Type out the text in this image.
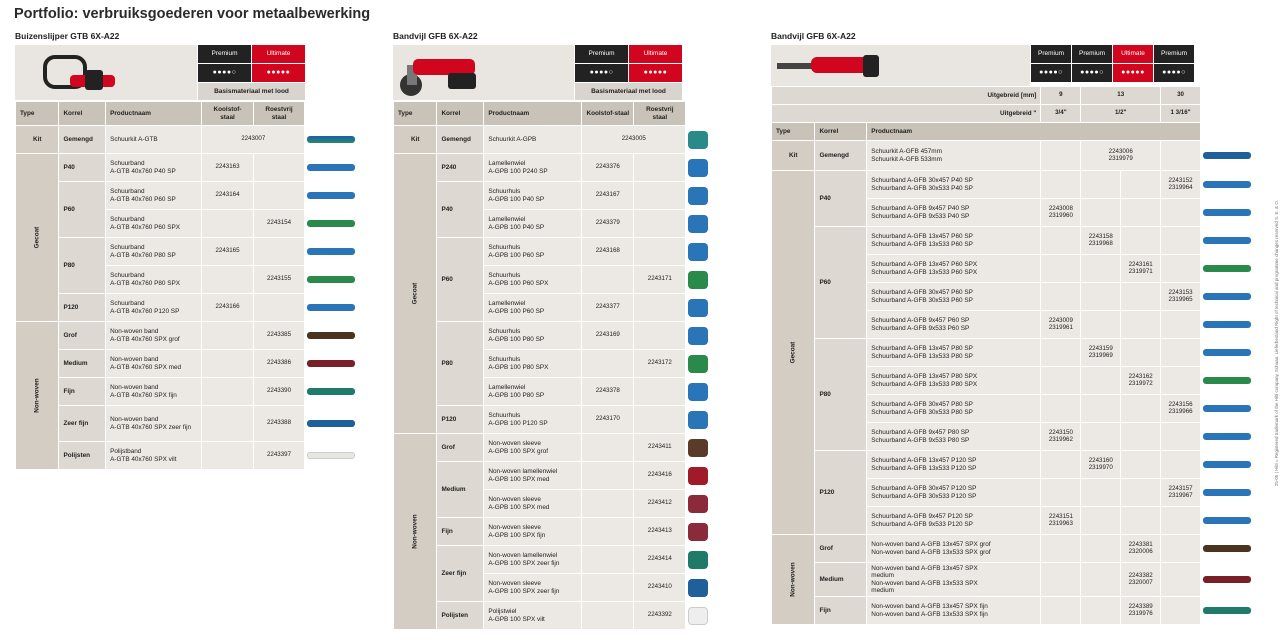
Portfolio: verbruiksgoederen voor metaalbewerking
Buizenslijper GTB 6X-A22
Premium	Ultimate
●●●●○	●●●●●
Basismateriaal met lood
Type	Korrel	Productnaam	Koolstof-staal	Roestvrij staal	
Kit	Gemengd	Schuurkit A-GTB	2243007		

Gecoat	P40	Schuurband
A-GTB 40x760 P40 SP	2243163		

	P60	Schuurband
A-GTB 40x760 P60 SP	2243164		

		Schuurband
A-GTB 40x760 P60 SPX		2243154	

	P80	Schuurband
A-GTB 40x760 P80 SP	2243165		

		Schuurband
A-GTB 40x760 P80 SPX		2243155	

	P120	Schuurband
A-GTB 40x760 P120 SP	2243166		

Non-woven	Grof	Non-woven band
A-GTB 40x760 SPX grof		2243385	

	Medium	Non-woven band
A-GTB 40x760 SPX med		2243386	

	Fijn	Non-woven band
A-GTB 40x760 SPX fijn		2243390	

	Zeer fijn	Non-woven band
A-GTB 40x760 SPX zeer fijn		2243388	

	Polijsten	Polijstband
A-GTB 40x760 SPX vilt		2243397	
Bandvijl GFB 6X-A22
Premium	Ultimate
●●●●○	●●●●●
Basismateriaal met lood
Type	Korrel	Productnaam	Koolstof-staal	Roestvrij staal	
Kit	Gemengd	Schuurkit A-GPB	2243005		

Gecoat	P240	Lamellenwiel
A-GPB 100 P240 SP	2243376		

	P40	Schuurhuls
A-GPB 100 P40 SP	2243167		

		Lamellenwiel
A-GPB 100 P40 SP	2243379		

	P60	Schuurhuls
A-GPB 100 P60 SP	2243168		

		Schuurhuls
A-GPB 100 P60 SPX		2243171	

		Lamellenwiel
A-GPB 100 P60 SP	2243377		

	P80	Schuurhuls
A-GPB 100 P80 SP	2243169		

		Schuurhuls
A-GPB 100 P80 SPX		2243172	

		Lamellenwiel
A-GPB 100 P80 SP	2243378		

	P120	Schuurhuls
A-GPB 100 P120 SP	2243170		

Non-woven	Grof	Non-woven sleeve
A-GPB 100 SPX grof		2243411	

	Medium	Non-woven lamellenwiel
A-GPB 100 SPX med		2243416	

		Non-woven sleeve
A-GPB 100 SPX med		2243412	

	Fijn	Non-woven sleeve
A-GPB 100 SPX fijn		2243413	

	Zeer fijn	Non-woven lamellenwiel
A-GPB 100 SPX zeer fijn		2243414	

		Non-woven sleeve
A-GPB 100 SPX zeer fijn		2243410	

	Polijsten	Polijstwiel
A-GPB 100 SPX vilt		2243392	
Bandvijl GFB 6X-A22
Premium	Premium	Ultimate	Premium
●●●●○	●●●●○	●●●●●	●●●●○
Uitgebreid [mm]			9	13		30	
Uitgebreid "			3/4"	1/2"		1 3/16"	
Type	Korrel	Productnaam					
Kit	Gemengd	Schuurkit A-GFB 457mm
Schuurkit A-GFB 533mm		2243006
2319979			

Gecoat	P40	Schuurband A-GFB 30x457 P40 SP
Schuurband A-GFB 30x533 P40 SP				2243152
2319964	

		Schuurband A-GFB 9x457 P40 SP
Schuurband A-GFB 9x533 P40 SP	2243008
2319960				

	P60	Schuurband A-GFB 13x457 P60 SP
Schuurband A-GFB 13x533 P60 SP		2243158
2319968			

		Schuurband A-GFB 13x457 P60 SPX
Schuurband A-GFB 13x533 P60 SPX			2243161
2319971		

		Schuurband A-GFB 30x457 P60 SP
Schuurband A-GFB 30x533 P60 SP				2243153
2319965	

		Schuurband A-GFB 9x457 P60 SP
Schuurband A-GFB 9x533 P60 SP	2243009
2319961				

	P80	Schuurband A-GFB 13x457 P80 SP
Schuurband A-GFB 13x533 P80 SP		2243159
2319969			

		Schuurband A-GFB 13x457 P80 SPX
Schuurband A-GFB 13x533 P80 SPX			2243162
2319972		

		Schuurband A-GFB 30x457 P80 SP
Schuurband A-GFB 30x533 P80 SP				2243156
2319966	

		Schuurband A-GFB 9x457 P80 SP
Schuurband A-GFB 9x533 P80 SP	2243150
2319962				

	P120	Schuurband A-GFB 13x457 P120 SP
Schuurband A-GFB 13x533 P120 SP		2243160
2319970			

		Schuurband A-GFB 30x457 P120 SP
Schuurband A-GFB 30x533 P120 SP				2243157
2319967	

		Schuurband A-GFB 9x457 P120 SP
Schuurband A-GFB 9x533 P120 SP	2243151
2319963				

Non-woven	Grof	Non-woven band A-GFB 13x457 SPX grof
Non-woven band A-GFB 13x533 SPX grof			2243381
2320006		

	Medium	Non-woven band A-GFB 13x457 SPX
medium
Non-woven band A-GFB 13x533 SPX
medium			2243382
2320007		

	Fijn	Non-woven band A-GFB 13x457 SPX fijn
Non-woven band A-GFB 13x533 SPX fijn			2243389
2319976		
25-05 | Hilti = Registered trademark of the Hilti company, Schaan. Lieferbestand Right of technical and programme changes reserved S. E. & O.
